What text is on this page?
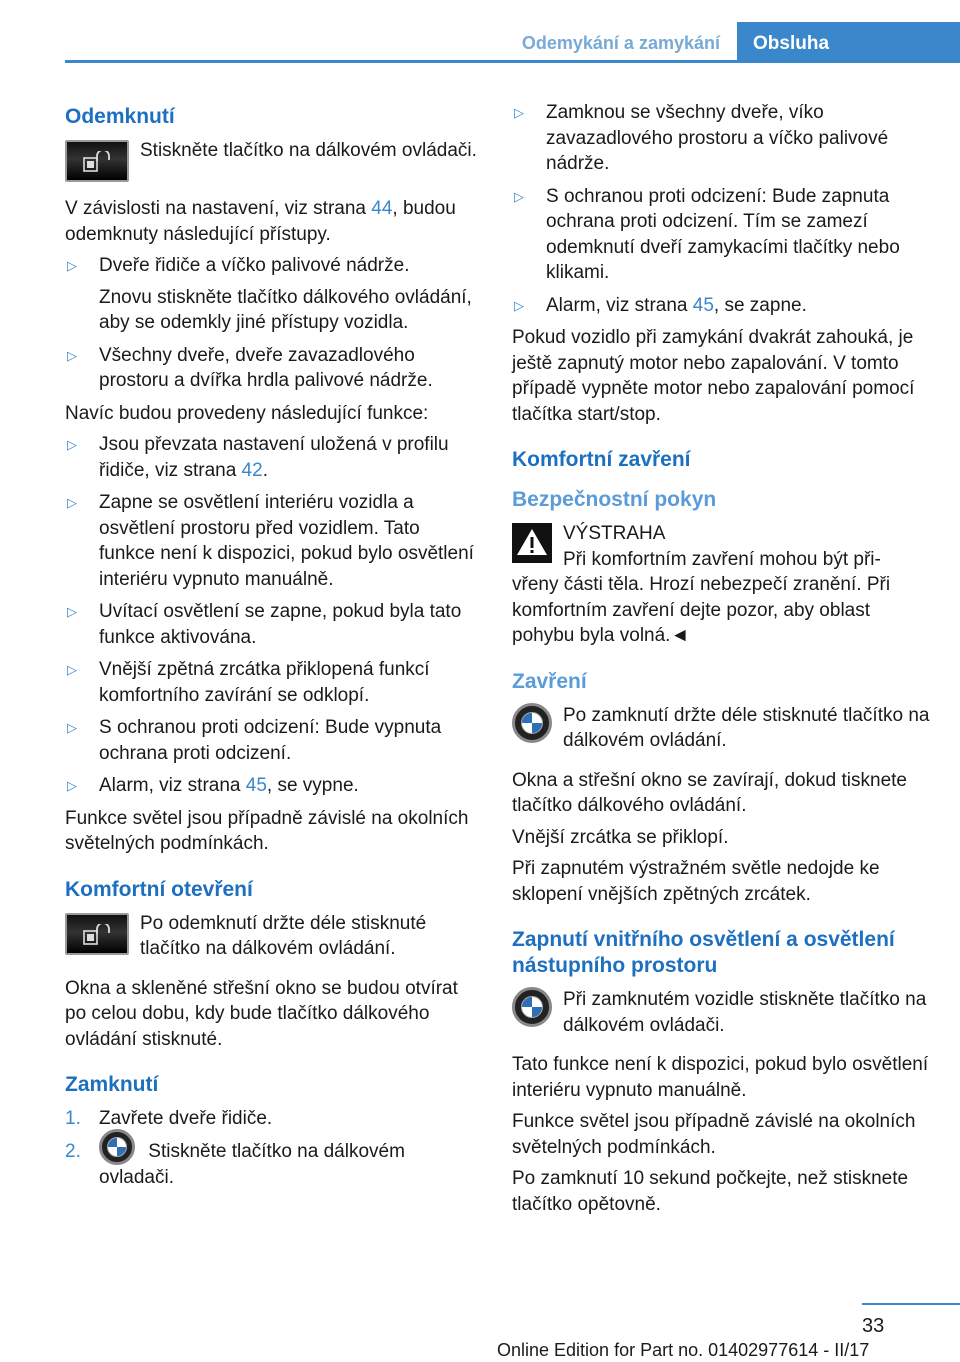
Odemykání a zamykání	Obsluha
Odemknutí
Stiskněte tlačítko na dálkovém ovládači.

V závislosti na nastavení, viz strana 44, budou odemknuty následující přístupy.

▷ Dveře řidiče a víčko palivové nádrže.

Znovu stiskněte tlačítko dálkového ovládání, aby se odemkly jiné přístupy vozidla.

▷ Všechny dveře, dveře zavazadlového prostoru a dvířka hrdla palivové nádrže.

Navíc budou provedeny následující funkce:

▷ Jsou převzata nastavení uložená v profilu řidiče, viz strana 42.
▷ Zapne se osvětlení interiéru vozidla a osvětlení prostoru před vozidlem. Tato funkce není k dispozici, pokud bylo osvětlení interiéru vypnuto manuálně.
▷ Uvítací osvětlení se zapne, pokud byla tato funkce aktivována.
▷ Vnější zpětná zrcátka přiklopená funkcí komfortního zavírání se odklopí.
▷ S ochranou proti odcizení: Bude vypnuta ochrana proti odcizení.
▷ Alarm, viz strana 45, se vypne.

Funkce světel jsou případně závislé na okolních světelných podmínkách.

Komfortní otevření
Po odemknutí držte déle stisknuté tlačítko na dálkovém ovládání.

Okna a skleněné střešní okno se budou otvírat po celou dobu, kdy bude tlačítko dálkového ovládání stisknuté.

Zamknutí
1. Zavřete dveře řidiče.
2.	Stiskněte tlačítko na dálkovém ovladači.
▷ Zamknou se všechny dveře, víko zavazadlového prostoru a víčko palivové nádrže.
▷ S ochranou proti odcizení: Bude zapnuta ochrana proti odcizení. Tím se zamezí odemknutí dveří zamykacími tlačítky nebo klikami.
▷ Alarm, viz strana 45, se zapne.

Pokud vozidlo při zamykání dvakrát zahouká, je ještě zapnutý motor nebo zapalování. V tomto případě vypněte motor nebo zapalování pomocí tlačítka start/stop.

Komfortní zavření
Bezpečnostní pokyn
VÝSTRAHA
Při komfortním zavření mohou být při-

vřeny části těla. Hrozí nebezpečí zranění. Při komfortním zavření dejte pozor, aby oblast pohybu byla volná.◄

Zavření
Po zamknutí držte déle stisknuté tlačítko na dálkovém ovládání.

Okna a střešní okno se zavírají, dokud tisknete tlačítko dálkového ovládání.

Vnější zrcátka se přiklopí.

Při zapnutém výstražném světle nedojde ke sklopení vnějších zpětných zrcátek.

Zapnutí vnitřního osvětlení a osvětlení nástupního prostoru
Při zamknutém vozidle stiskněte tlačítko na dálkovém ovládači.

Tato funkce není k dispozici, pokud bylo osvětlení interiéru vypnuto manuálně.

Funkce světel jsou případně závislé na okolních světelných podmínkách.

Po zamknutí 10 sekund počkejte, než stisknete tlačítko opětovně.

33
Online Edition for Part no. 01402977614 - II/17
